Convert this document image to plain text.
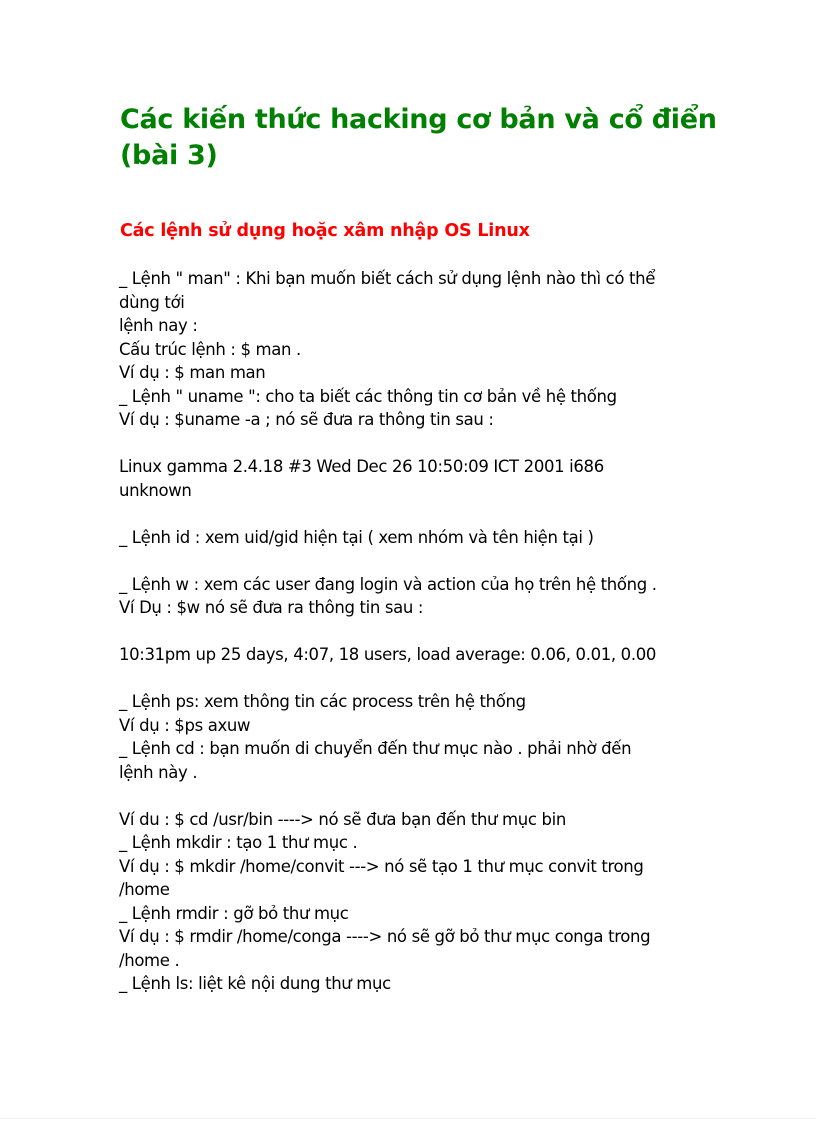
Các kiến thức hacking cơ bản và cổ điển (bài 3)
Các lệnh sử dụng hoặc xâm nhập OS Linux
_ Lệnh " man" : Khi bạn muốn biết cách sử dụng lệnh nào thì có thể
dùng tới
lệnh nay :
Cấu trúc lệnh : $ man .
Ví dụ : $ man man
_ Lệnh " uname ": cho ta biết các thông tin cơ bản về hệ thống
Ví dụ : $uname -a ; nó sẽ đưa ra thông tin sau :
Linux gamma 2.4.18 #3 Wed Dec 26 10:50:09 ICT 2001 i686
unknown
_ Lệnh id : xem uid/gid hiện tại ( xem nhóm và tên hiện tại )
_ Lệnh w : xem các user đang login và action của họ trên hệ thống .
Ví Dụ : $w nó sẽ đưa ra thông tin sau :
10:31pm up 25 days, 4:07, 18 users, load average: 0.06, 0.01, 0.00
_ Lệnh ps: xem thông tin các process trên hệ thống
Ví dụ : $ps axuw
_ Lệnh cd : bạn muốn di chuyển đến thư mục nào . phải nhờ đến
lệnh này .
Ví du : $ cd /usr/bin ----> nó sẽ đưa bạn đến thư mục bin
_ Lệnh mkdir : tạo 1 thư mục .
Ví dụ : $ mkdir /home/convit ---> nó sẽ tạo 1 thư mục convit trong
/home
_ Lệnh rmdir : gỡ bỏ thư mục
Ví dụ : $ rmdir /home/conga ----> nó sẽ gỡ bỏ thư mục conga trong
/home .
_ Lệnh ls: liệt kê nội dung thư mục
